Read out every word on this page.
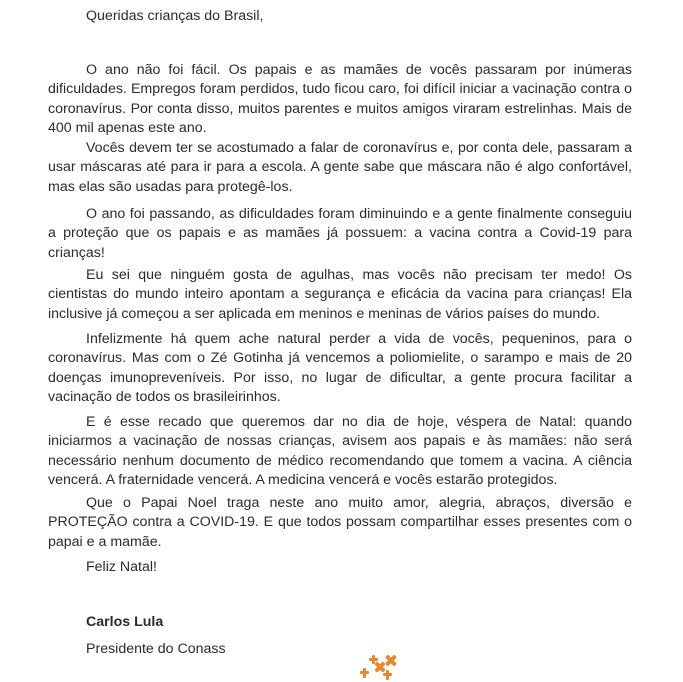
Queridas crianças do Brasil,

O ano não foi fácil. Os papais e as mamães de vocês passaram por inúmeras dificuldades. Empregos foram perdidos, tudo ficou caro, foi difícil iniciar a vacinação contra o coronavírus. Por conta disso, muitos parentes e muitos amigos viraram estrelinhas. Mais de 400 mil apenas este ano.

Vocês devem ter se acostumado a falar de coronavírus e, por conta dele, passaram a usar máscaras até para ir para a escola. A gente sabe que máscara não é algo confortável, mas elas são usadas para protegê-los.

O ano foi passando, as dificuldades foram diminuindo e a gente finalmente conseguiu a proteção que os papais e as mamães já possuem: a vacina contra a Covid-19 para crianças!

Eu sei que ninguém gosta de agulhas, mas vocês não precisam ter medo! Os cientistas do mundo inteiro apontam a segurança e eficácia da vacina para crianças! Ela inclusive já começou a ser aplicada em meninos e meninas de vários países do mundo.

Infelizmente há quem ache natural perder a vida de vocês, pequeninos, para o coronavírus. Mas com o Zé Gotinha já vencemos a poliomielite, o sarampo e mais de 20 doenças imunopreveníveis. Por isso, no lugar de dificultar, a gente procura facilitar a vacinação de todos os brasileirinhos.

E é esse recado que queremos dar no dia de hoje, véspera de Natal: quando iniciarmos a vacinação de nossas crianças, avisem aos papais e às mamães: não será necessário nenhum documento de médico recomendando que tomem a vacina. A ciência vencerá. A fraternidade vencerá. A medicina vencerá e vocês estarão protegidos.

Que o Papai Noel traga neste ano muito amor, alegria, abraços, diversão e PROTEÇÃO contra a COVID-19. E que todos possam compartilhar esses presentes com o papai e a mamãe.

Feliz Natal!
Carlos Lula
Presidente do Conass
